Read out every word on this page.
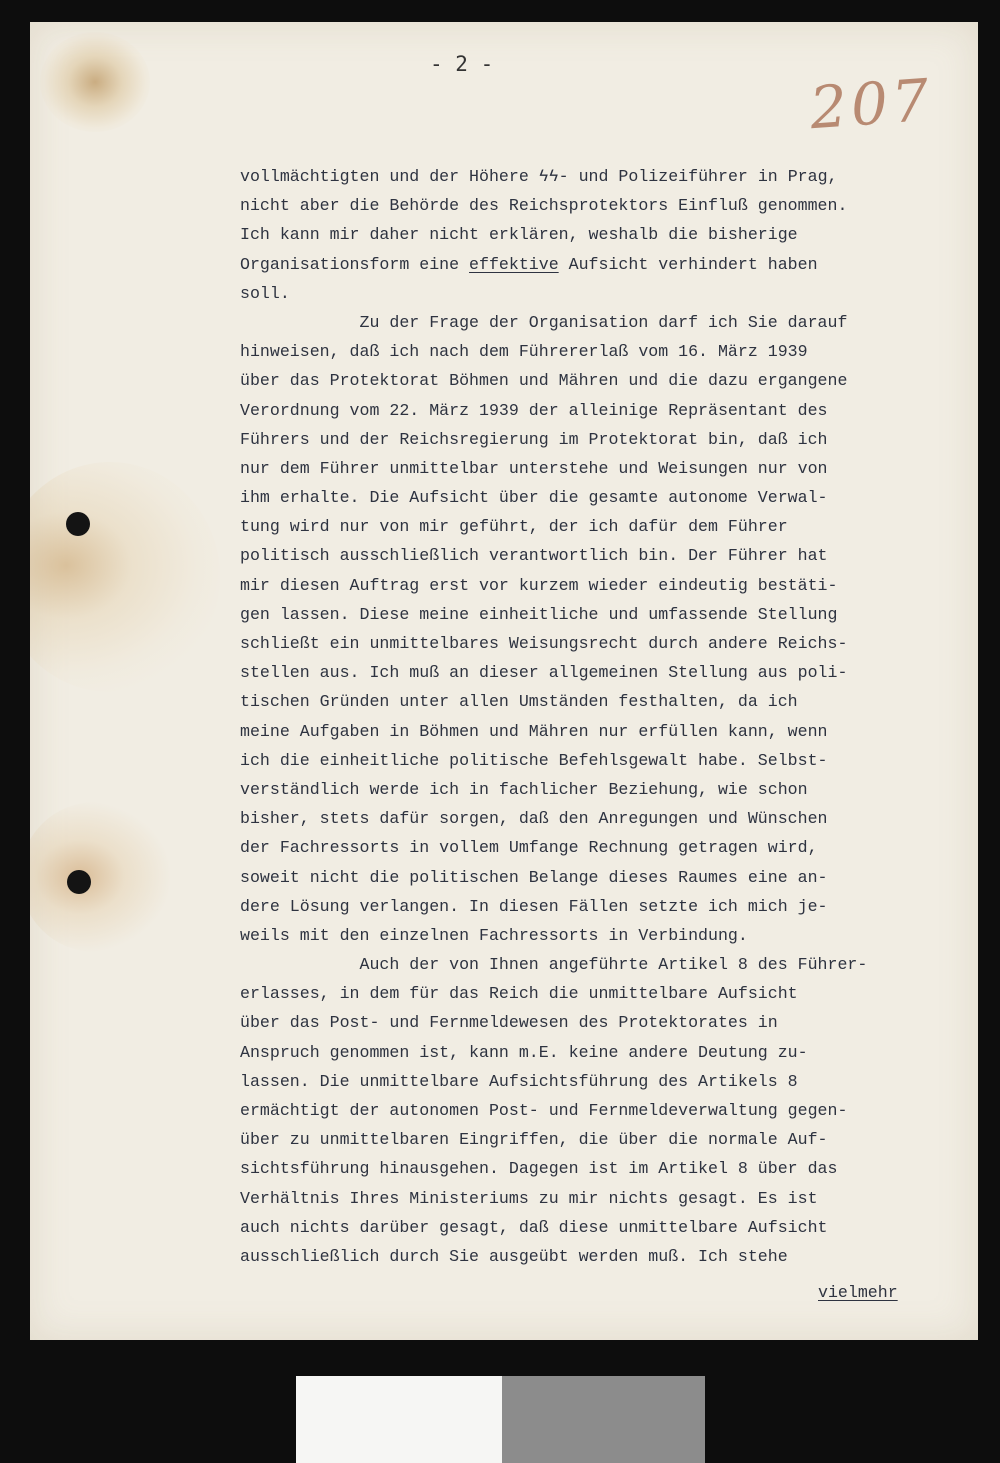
- 2 -
207
vollmächtigten und der Höhere ϟϟ- und Polizeiführer in Prag,
nicht aber die Behörde des Reichsprotektors Einfluß genommen.
Ich kann mir daher nicht erklären, weshalb die bisherige
Organisationsform eine effektive Aufsicht verhindert haben
soll.
Zu der Frage der Organisation darf ich Sie darauf
hinweisen, daß ich nach dem Führererlaß vom 16. März 1939
über das Protektorat Böhmen und Mähren und die dazu ergangene
Verordnung vom 22. März 1939 der alleinige Repräsentant des
Führers und der Reichsregierung im Protektorat bin, daß ich
nur dem Führer unmittelbar unterstehe und Weisungen nur von
ihm erhalte. Die Aufsicht über die gesamte autonome Verwal-
tung wird nur von mir geführt, der ich dafür dem Führer
politisch ausschließlich verantwortlich bin. Der Führer hat
mir diesen Auftrag erst vor kurzem wieder eindeutig bestäti-
gen lassen. Diese meine einheitliche und umfassende Stellung
schließt ein unmittelbares Weisungsrecht durch andere Reichs-
stellen aus. Ich muß an dieser allgemeinen Stellung aus poli-
tischen Gründen unter allen Umständen festhalten, da ich
meine Aufgaben in Böhmen und Mähren nur erfüllen kann, wenn
ich die einheitliche politische Befehlsgewalt habe. Selbst-
verständlich werde ich in fachlicher Beziehung, wie schon
bisher, stets dafür sorgen, daß den Anregungen und Wünschen
der Fachressorts in vollem Umfange Rechnung getragen wird,
soweit nicht die politischen Belange dieses Raumes eine an-
dere Lösung verlangen. In diesen Fällen setzte ich mich je-
weils mit den einzelnen Fachressorts in Verbindung.
Auch der von Ihnen angeführte Artikel 8 des Führer-
erlasses, in dem für das Reich die unmittelbare Aufsicht
über das Post- und Fernmeldewesen des Protektorates in
Anspruch genommen ist, kann m.E. keine andere Deutung zu-
lassen. Die unmittelbare Aufsichtsführung des Artikels 8
ermächtigt der autonomen Post- und Fernmeldeverwaltung gegen-
über zu unmittelbaren Eingriffen, die über die normale Auf-
sichtsführung hinausgehen. Dagegen ist im Artikel 8 über das
Verhältnis Ihres Ministeriums zu mir nichts gesagt. Es ist
auch nichts darüber gesagt, daß diese unmittelbare Aufsicht
ausschließlich durch Sie ausgeübt werden muß. Ich stehe
vielmehr
